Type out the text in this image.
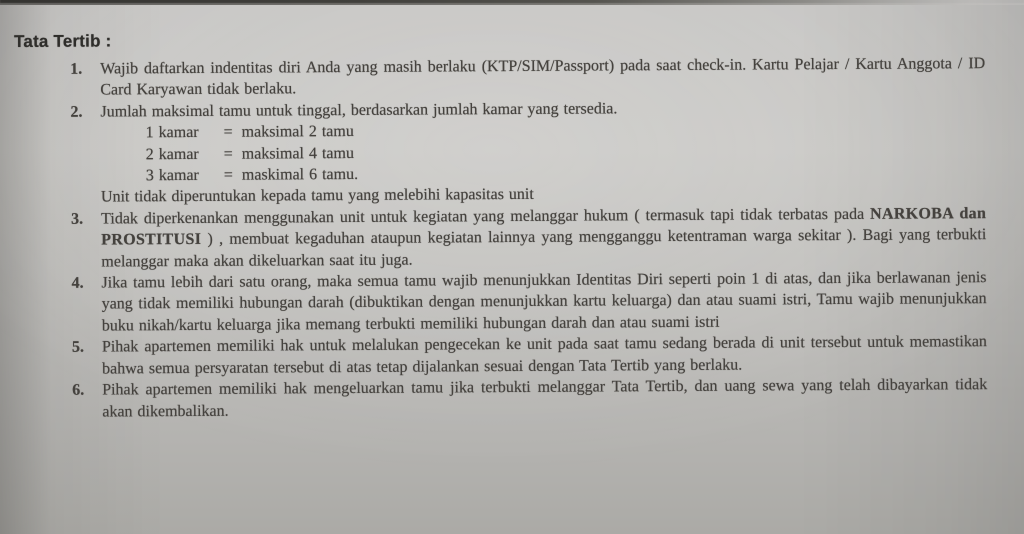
Tata Tertib :
1.	Wajib daftarkan indentitas diri Anda yang masih berlaku (KTP/SIM/Passport) pada saat check-in. Kartu Pelajar / Kartu Anggota / ID Card Karyawan tidak berlaku.
2.	Jumlah maksimal tamu untuk tinggal, berdasarkan jumlah kamar yang tersedia.
1 kamar	= maksimal 2 tamu
2 kamar	= maksimal 4 tamu
3 kamar	= maskimal 6 tamu.
Unit tidak diperuntukan kepada tamu yang melebihi kapasitas unit
3.	Tidak diperkenankan menggunakan unit untuk kegiatan yang melanggar hukum ( termasuk tapi tidak terbatas pada NARKOBA dan PROSTITUSI ) , membuat kegaduhan ataupun kegiatan lainnya yang mengganggu ketentraman warga sekitar ). Bagi yang terbukti melanggar maka akan dikeluarkan saat itu juga.
4.	Jika tamu lebih dari satu orang, maka semua tamu wajib menunjukkan Identitas Diri seperti poin 1 di atas, dan jika berlawanan jenis yang tidak memiliki hubungan darah (dibuktikan dengan menunjukkan kartu keluarga) dan atau suami istri, Tamu wajib menunjukkan buku nikah/kartu keluarga jika memang terbukti memiliki hubungan darah dan atau suami istri
5.	Pihak apartemen memiliki hak untuk melalukan pengecekan ke unit pada saat tamu sedang berada di unit tersebut untuk memastikan bahwa semua persyaratan tersebut di atas tetap dijalankan sesuai dengan Tata Tertib yang berlaku.
6.	Pihak apartemen memiliki hak mengeluarkan tamu jika terbukti melanggar Tata Tertib, dan uang sewa yang telah dibayarkan tidak akan dikembalikan.
